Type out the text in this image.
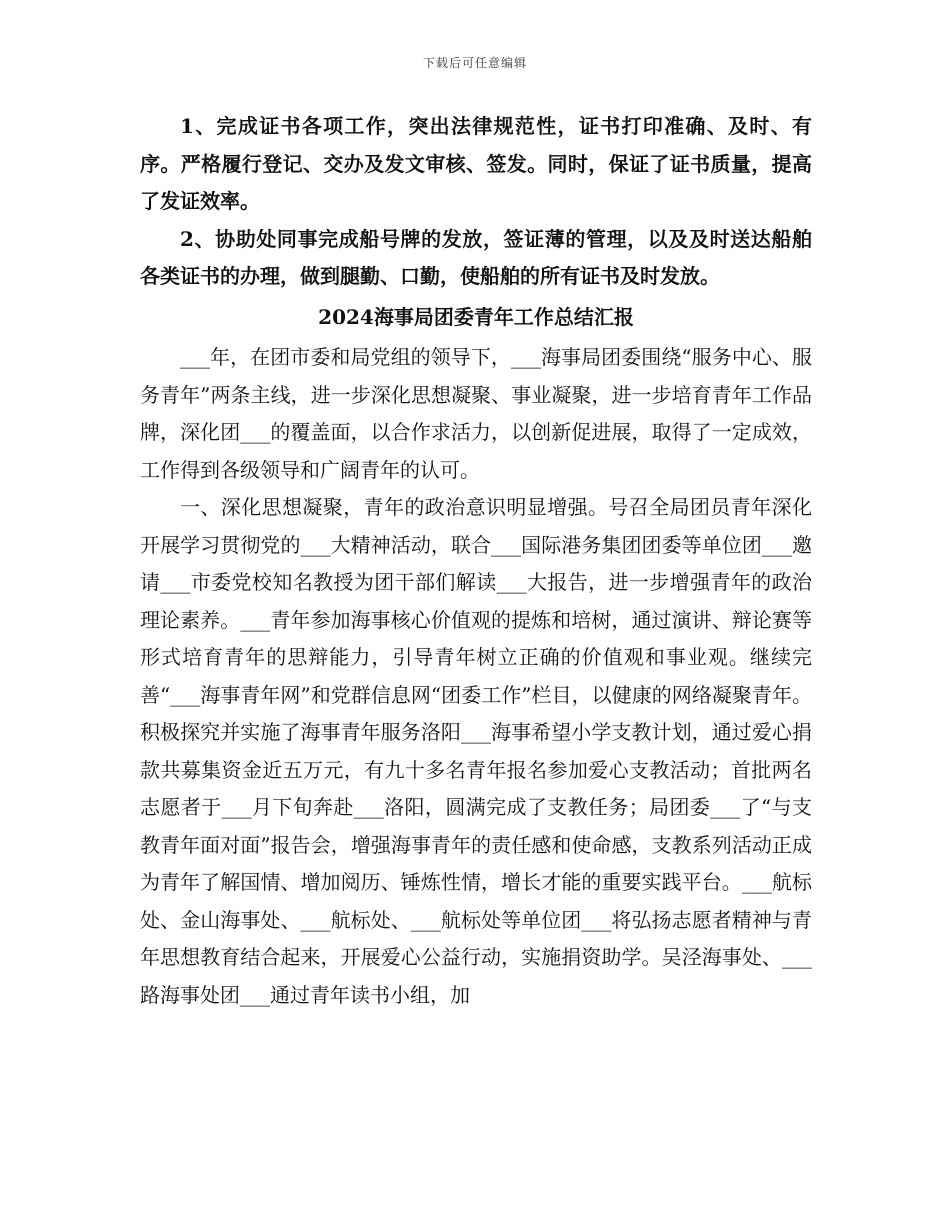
下载后可任意编辑

1、完成证书各项工作，突出法律规范性，证书打印准确、及时、有序。严格履行登记、交办及发文审核、签发。同时，保证了证书质量，提高了发证效率。

2、协助处同事完成船号牌的发放，签证薄的管理，以及及时送达船舶各类证书的办理，做到腿勤、口勤，使船舶的所有证书及时发放。

2024海事局团委青年工作总结汇报

___年，在团市委和局党组的领导下，___海事局团委围绕“服务中心、服务青年”两条主线，进一步深化思想凝聚、事业凝聚，进一步培育青年工作品牌，深化团___的覆盖面，以合作求活力，以创新促进展，取得了一定成效，工作得到各级领导和广阔青年的认可。

一、深化思想凝聚，青年的政治意识明显增强。号召全局团员青年深化开展学习贯彻党的___大精神活动，联合___国际港务集团团委等单位团___邀请___市委党校知名教授为团干部们解读___大报告，进一步增强青年的政治理论素养。___青年参加海事核心价值观的提炼和培树，通过演讲、辩论赛等形式培育青年的思辩能力，引导青年树立正确的价值观和事业观。继续完善“___海事青年网”和党群信息网“团委工作”栏目，以健康的网络凝聚青年。积极探究并实施了海事青年服务洛阳___海事希望小学支教计划，通过爱心捐款共募集资金近五万元，有九十多名青年报名参加爱心支教活动；首批两名志愿者于___月下旬奔赴___洛阳，圆满完成了支教任务；局团委___了“与支教青年面对面”报告会，增强海事青年的责任感和使命感，支教系列活动正成为青年了解国情、增加阅历、锤炼性情，增长才能的重要实践平台。___航标处、金山海事处、___航标处、___航标处等单位团___将弘扬志愿者精神与青年思想教育结合起来，开展爱心公益行动，实施捐资助学。吴泾海事处、___路海事处团___通过青年读书小组，加
